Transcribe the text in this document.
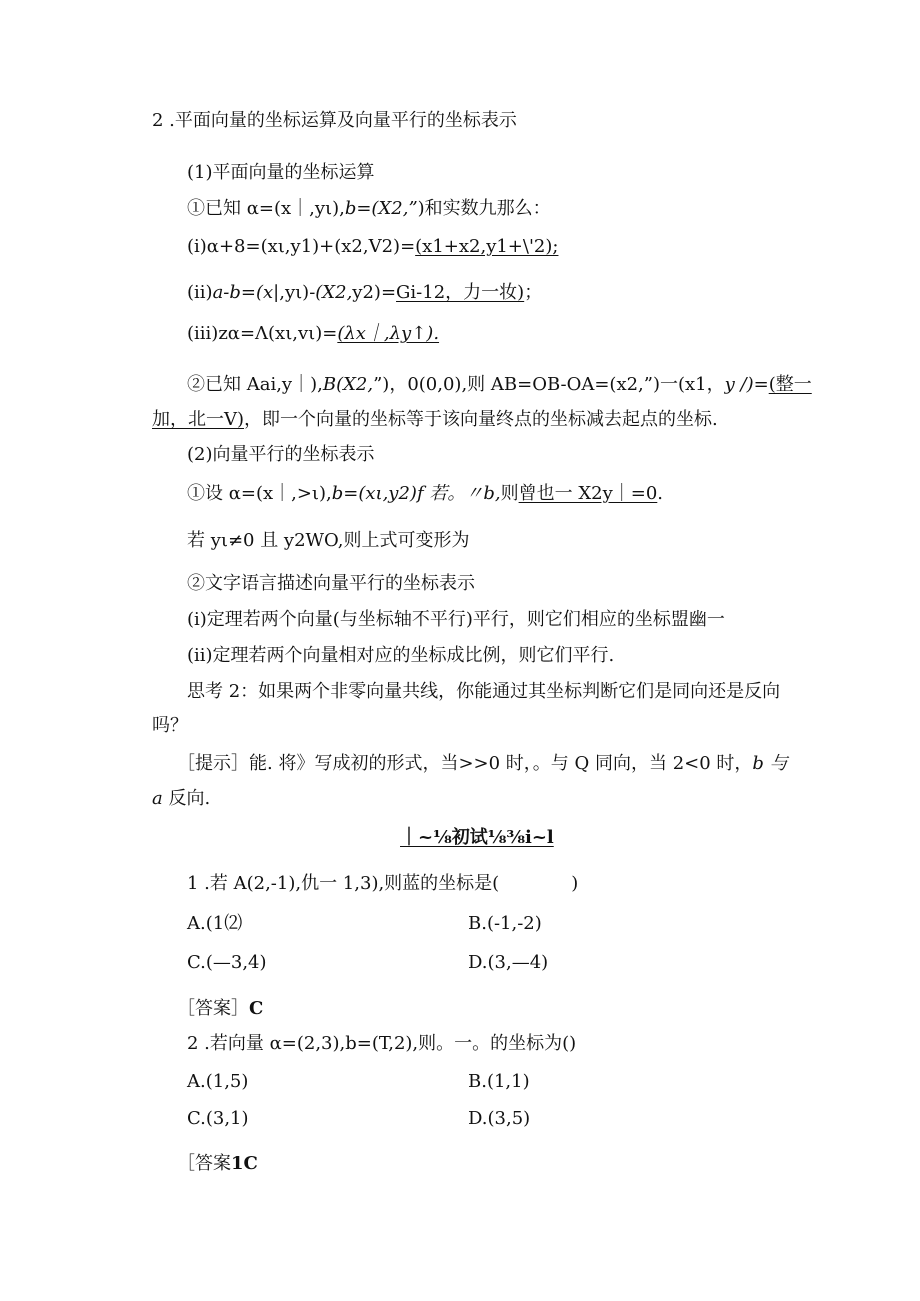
2 .平面向量的坐标运算及向量平行的坐标表示
(1)平面向量的坐标运算
①已知 α=(x｜,yι),b=(X2,”)和实数九那么：
(i)α+8=(xι,y1)+(x2,V2)=(x1+x2,y1+\'2);
(ii)a-b=(x|,yι)-(X2,y2)=Gi-12，力一妆)；
(iii)zα=Λ(xι,vι)=(λx｜,λy↑).
②已知 Aai,y｜),B(X2,”)，0(0,0),则 AB=OB-OA=(x2,”)一(x1，y /)=(整一
加，北一V)，即一个向量的坐标等于该向量终点的坐标减去起点的坐标.
(2)向量平行的坐标表示
①设 α=(x｜,>ι),b=(xι,y2)f 若。〃b,则曾也一 X2y｜=0.
若 yι≠0 且 y2WO,则上式可变形为
②文字语言描述向量平行的坐标表示
(i)定理若两个向量(与坐标轴不平行)平行，则它们相应的坐标盟幽一
(ii)定理若两个向量相对应的坐标成比例，则它们平行.
思考 2：如果两个非零向量共线，你能通过其坐标判断它们是同向还是反向
吗？
［提示］能. 将》写成初的形式，当>>0 时，。与 Q 同向，当 2<0 时，b 与
a 反向.
｜~⅛初试⅛⅜i~l
1 .若 A(2,-1),仇一 1,3),则蓝的坐标是(　　　　)
A.(1⑵	B.(-1,-2)
C.(—3,4)	D.(3,—4)
［答案］C
2 .若向量 α=(2,3),b=(T,2),则。一。的坐标为()
A.(1,5)	B.(1,1)
C.(3,1)	D.(3,5)
［答案1C
